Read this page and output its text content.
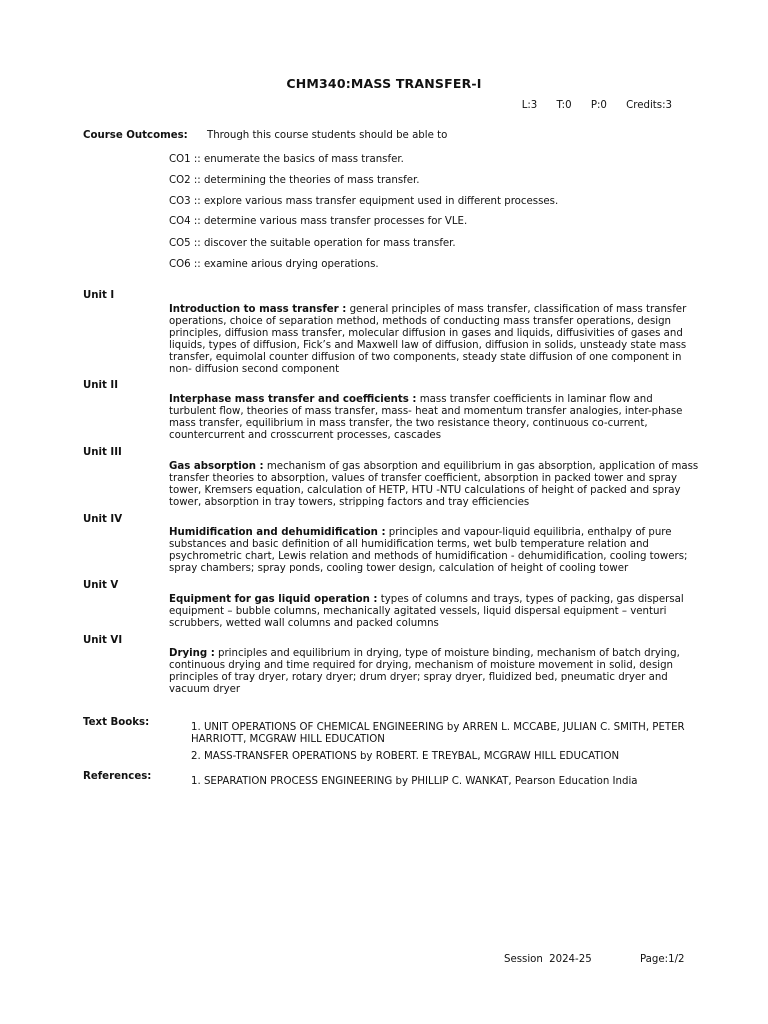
CHM340:MASS TRANSFER-I
L:3 T:0 P:0 Credits:3
Course Outcomes: Through this course students should be able to
CO1 :: enumerate the basics of mass transfer.
CO2 :: determining the theories of mass transfer.
CO3 :: explore various mass transfer equipment used in different processes.
CO4 :: determine various mass transfer processes for VLE.
CO5 :: discover the suitable operation for mass transfer.
CO6 :: examine arious drying operations.
Unit I
Introduction to mass transfer : general principles of mass transfer, classification of mass transfer operations, choice of separation method, methods of conducting mass transfer operations, design principles, diffusion mass transfer, molecular diffusion in gases and liquids, diffusivities of gases and liquids, types of diffusion, Fick’s and Maxwell law of diffusion, diffusion in solids, unsteady state mass transfer, equimolal counter diffusion of two components, steady state diffusion of one component in non- diffusion second component
Unit II
Interphase mass transfer and coefficients : mass transfer coefficients in laminar flow and turbulent flow, theories of mass transfer, mass- heat and momentum transfer analogies, inter-phase mass transfer, equilibrium in mass transfer, the two resistance theory, continuous co-current, countercurrent and crosscurrent processes, cascades
Unit III
Gas absorption : mechanism of gas absorption and equilibrium in gas absorption, application of mass transfer theories to absorption, values of transfer coefficient, absorption in packed tower and spray tower, Kremsers equation, calculation of HETP, HTU -NTU calculations of height of packed and spray tower, absorption in tray towers, stripping factors and tray efficiencies
Unit IV
Humidification and dehumidification : principles and vapour-liquid equilibria, enthalpy of pure substances and basic definition of all humidification terms, wet bulb temperature relation and psychrometric chart, Lewis relation and methods of humidification - dehumidification, cooling towers; spray chambers; spray ponds, cooling tower design, calculation of height of cooling tower
Unit V
Equipment for gas liquid operation : types of columns and trays, types of packing, gas dispersal equipment – bubble columns, mechanically agitated vessels, liquid dispersal equipment – venturi scrubbers, wetted wall columns and packed columns
Unit VI
Drying : principles and equilibrium in drying, type of moisture binding, mechanism of batch drying, continuous drying and time required for drying, mechanism of moisture movement in solid, design principles of tray dryer, rotary dryer; drum dryer; spray dryer, fluidized bed, pneumatic dryer and vacuum dryer
Text Books:	1. UNIT OPERATIONS OF CHEMICAL ENGINEERING by ARREN L. MCCABE, JULIAN C. SMITH, PETER HARRIOTT, MCGRAW HILL EDUCATION
2. MASS-TRANSFER OPERATIONS by ROBERT. E TREYBAL, MCGRAW HILL EDUCATION
References:	1. SEPARATION PROCESS ENGINEERING by PHILLIP C. WANKAT, Pearson Education India
Session 2024-25	Page:1/2
